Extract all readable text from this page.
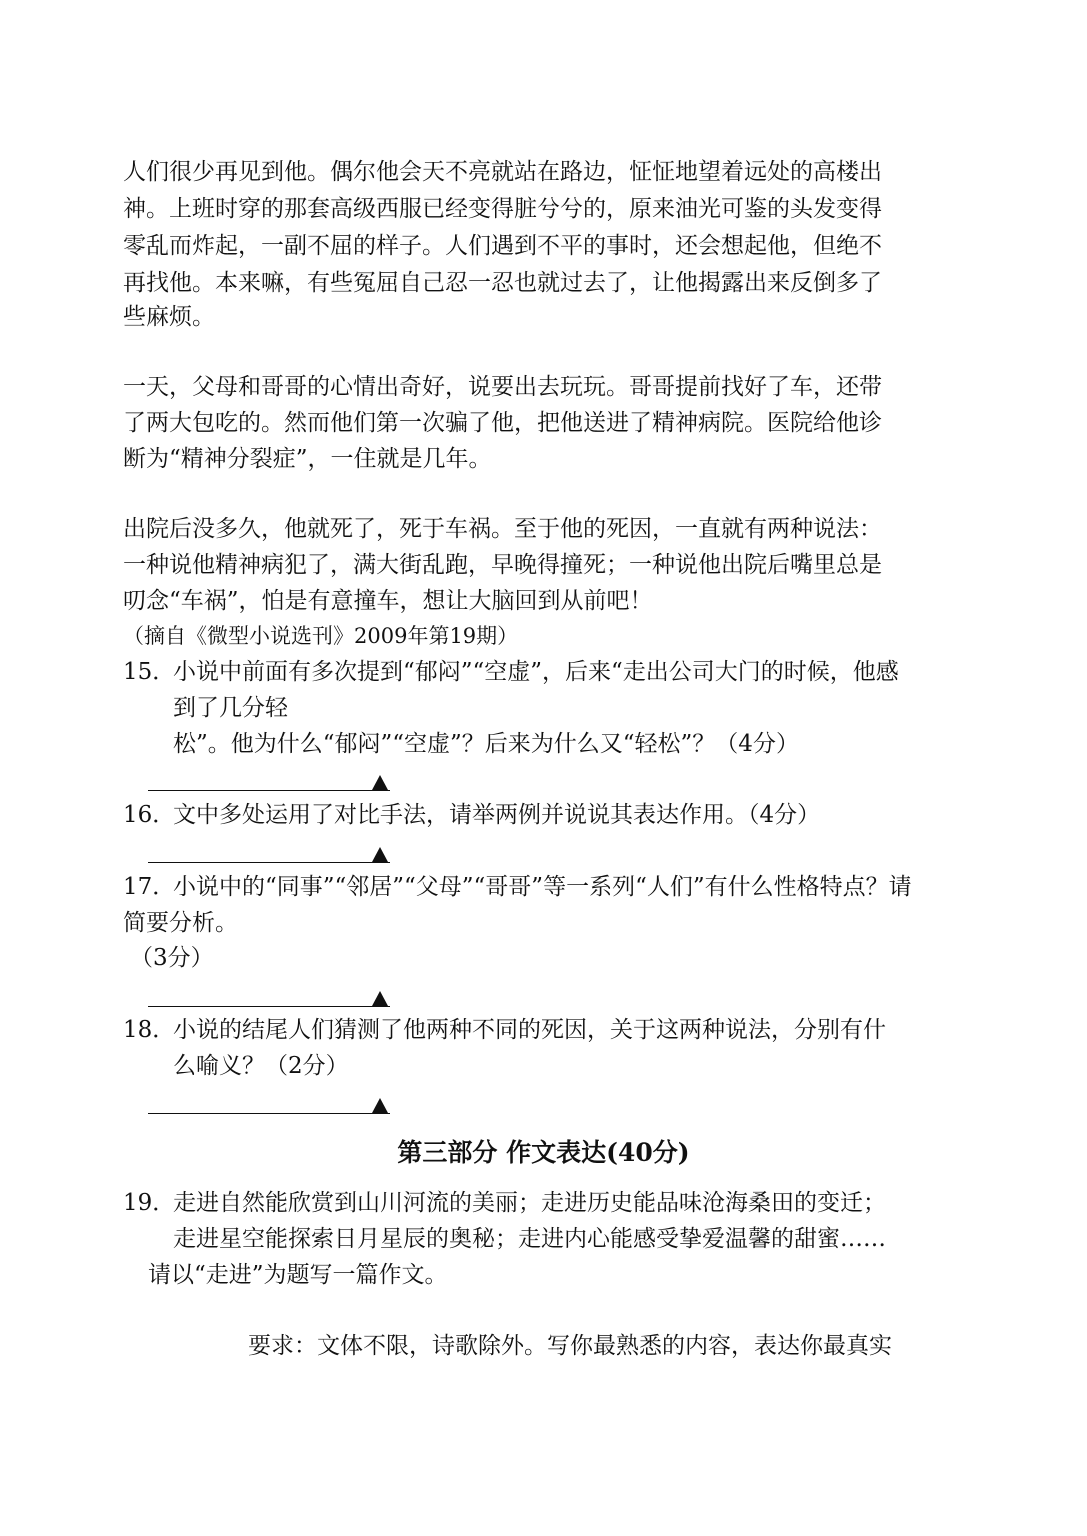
人们很少再见到他。偶尔他会天不亮就站在路边，怔怔地望着远处的高楼出
神。上班时穿的那套高级西服已经变得脏兮兮的，原来油光可鉴的头发变得
零乱而炸起，一副不屈的样子。人们遇到不平的事时，还会想起他，但绝不
再找他。本来嘛，有些冤屈自己忍一忍也就过去了，让他揭露出来反倒多了
些麻烦。
一天，父母和哥哥的心情出奇好，说要出去玩玩。哥哥提前找好了车，还带
了两大包吃的。然而他们第一次骗了他，把他送进了精神病院。医院给他诊
断为“精神分裂症”，一住就是几年。
出院后没多久，他就死了，死于车祸。至于他的死因，一直就有两种说法：
一种说他精神病犯了，满大街乱跑，早晚得撞死；一种说他出院后嘴里总是
叨念“车祸”，怕是有意撞车，想让大脑回到从前吧！
（摘自《微型小说选刊》2009年第19期）
15．小说中前面有多次提到“郁闷”“空虚”，后来“走出公司大门的时候，他感
到了几分轻
松”。他为什么“郁闷”“空虚”？后来为什么又“轻松”？（4分）
16．文中多处运用了对比手法，请举两例并说说其表达作用。（4分）
17．小说中的“同事”“邻居”“父母”“哥哥”等一系列“人们”有什么性格特点？请
简要分析。
（3分）
18．小说的结尾人们猜测了他两种不同的死因，关于这两种说法，分别有什
么喻义？（2分）
第三部分 作文表达(40分)
19．走进自然能欣赏到山川河流的美丽；走进历史能品味沧海桑田的变迁；
走进星空能探索日月星辰的奥秘；走进内心能感受挚爱温馨的甜蜜……
请以“走进”为题写一篇作文。
要求：文体不限，诗歌除外。写你最熟悉的内容，表达你最真实
